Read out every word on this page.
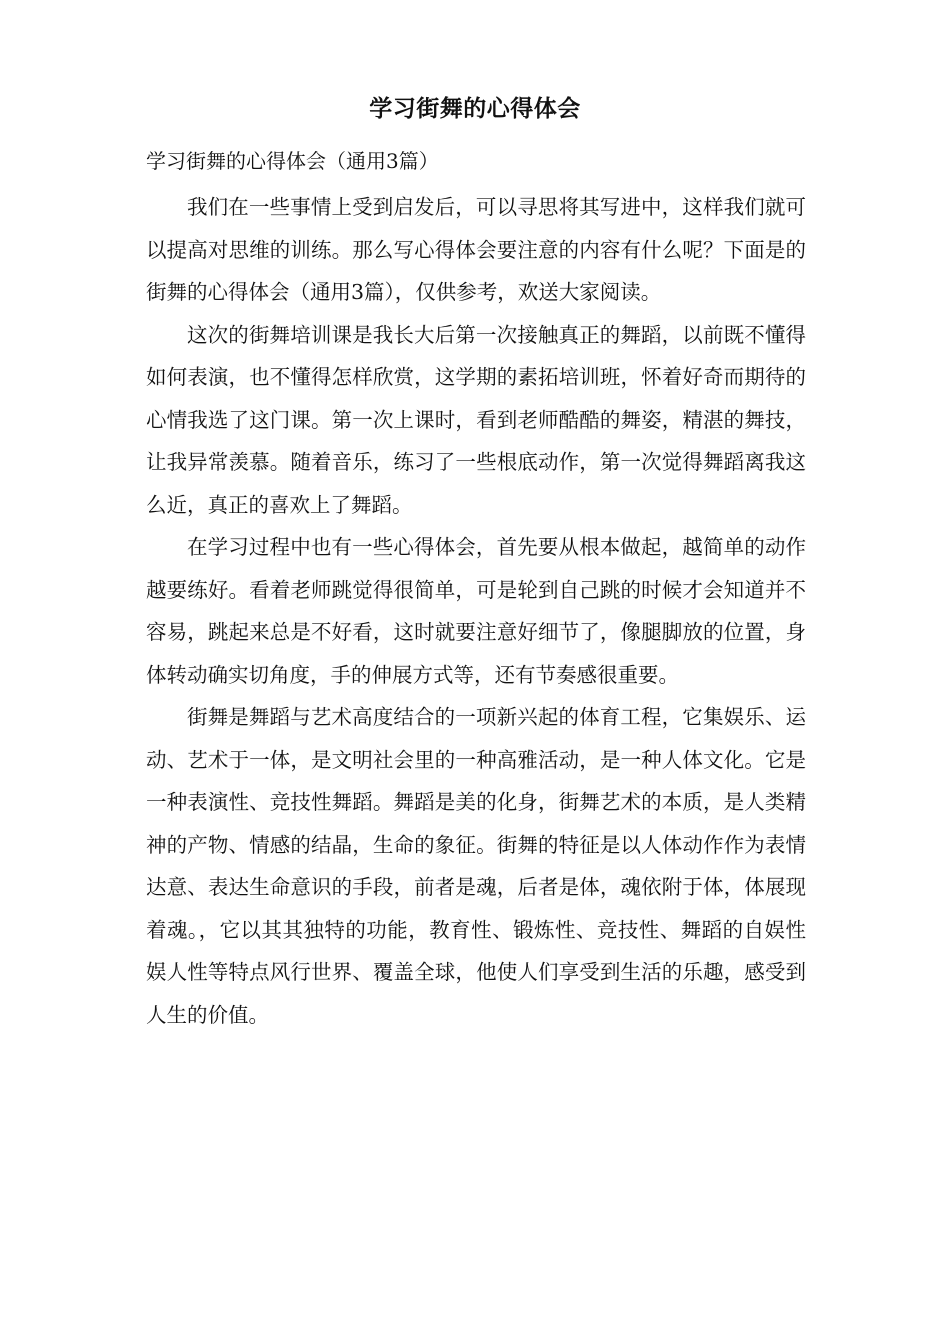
学习街舞的心得体会
学习街舞的心得体会（通用3篇）

我们在一些事情上受到启发后，可以寻思将其写进中，这样我们就可以提高对思维的训练。那么写心得体会要注意的内容有什么呢？下面是的街舞的心得体会（通用3篇），仅供参考，欢送大家阅读。

这次的街舞培训课是我长大后第一次接触真正的舞蹈，以前既不懂得如何表演，也不懂得怎样欣赏，这学期的素拓培训班，怀着好奇而期待的心情我选了这门课。第一次上课时，看到老师酷酷的舞姿，精湛的舞技，让我异常羡慕。随着音乐，练习了一些根底动作，第一次觉得舞蹈离我这么近，真正的喜欢上了舞蹈。

在学习过程中也有一些心得体会，首先要从根本做起，越简单的动作越要练好。看着老师跳觉得很简单，可是轮到自己跳的时候才会知道并不容易，跳起来总是不好看，这时就要注意好细节了，像腿脚放的位置，身体转动确实切角度，手的伸展方式等，还有节奏感很重要。

街舞是舞蹈与艺术高度结合的一项新兴起的体育工程，它集娱乐、运动、艺术于一体，是文明社会里的一种高雅活动，是一种人体文化。它是一种表演性、竞技性舞蹈。舞蹈是美的化身，街舞艺术的本质，是人类精神的产物、情感的结晶，生命的象征。街舞的特征是以人体动作作为表情达意、表达生命意识的手段，前者是魂，后者是体，魂依附于体，体展现着魂。，它以其其独特的功能，教育性、锻炼性、竞技性、舞蹈的自娱性娱人性等特点风行世界、覆盖全球，他使人们享受到生活的乐趣，感受到人生的价值。
